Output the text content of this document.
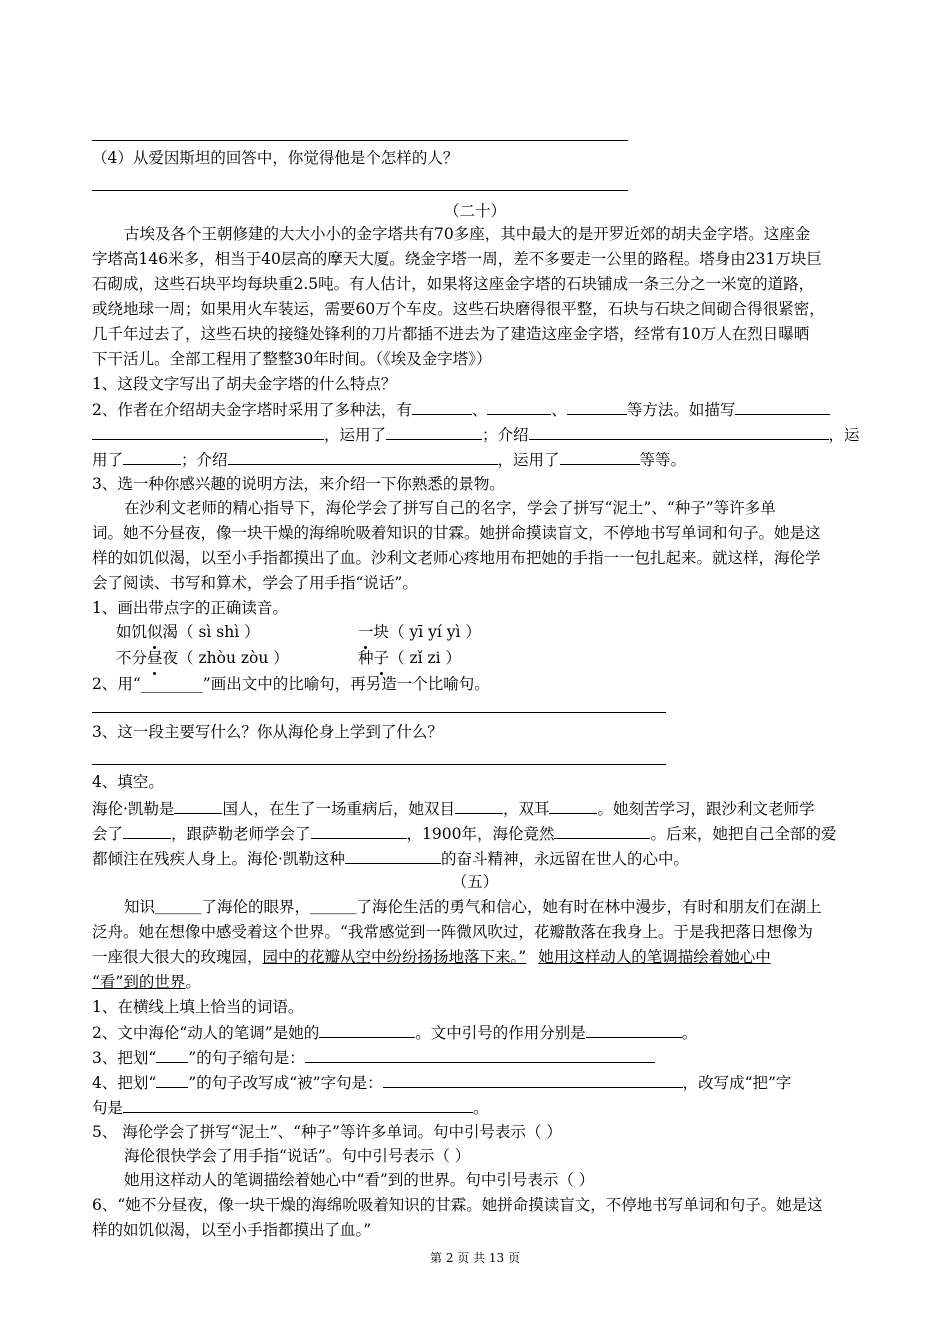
（4）从爱因斯坦的回答中，你觉得他是个怎样的人？
（二十）
古埃及各个王朝修建的大大小小的金字塔共有70多座，其中最大的是开罗近郊的胡夫金字塔。这座金
字塔高146米多，相当于40层高的摩天大厦。绕金字塔一周，差不多要走一公里的路程。塔身由231万块巨
石砌成，这些石块平均每块重2.5吨。有人估计，如果将这座金字塔的石块铺成一条三分之一米宽的道路，
或绕地球一周；如果用火车装运，需要60万个车皮。这些石块磨得很平整，石块与石块之间砌合得很紧密，
几千年过去了，这些石块的接缝处锋利的刀片都插不进去为了建造这座金字塔，经常有10万人在烈日曝晒
下干活儿。全部工程用了整整30年时间。（《埃及金字塔》）
1、这段文字写出了胡夫金字塔的什么特点？
2、作者在介绍胡夫金字塔时采用了多种法，有	、	、	等方法。如描写
，运用了	；介绍	，运
用了	；介绍	，运用了	等等。
3、选一种你感兴趣的说明方法，来介绍一下你熟悉的景物。
在沙利文老师的精心指导下，海伦学会了拼写自己的名字，学会了拼写“泥土”、“种子”等许多单
词。她不分昼夜，像一块干燥的海绵吮吸着知识的甘霖。她拼命摸读盲文，不停地书写单词和句子。她是这
样的如饥似渴，以至小手指都摸出了血。沙利文老师心疼地用布把她的手指一一包扎起来。就这样，海伦学
会了阅读、书写和算术，学会了用手指“说话”。
1、画出带点字的正确读音。
如饥似渴（ sì shì ）	一块（ yī yí yì ）
不分昼夜（ zhòu zòu ）	种子（ zǐ zi ）
2、用“________”画出文中的比喻句，再另造一个比喻句。
3、这一段主要写什么？你从海伦身上学到了什么？
4、填空。
海伦·凯勒是	国人，在生了一场重病后，她双目	，双耳	。她刻苦学习，跟沙利文老师学
会了	，跟萨勒老师学会了	，1900年，海伦竟然	。后来，她把自己全部的爱
都倾注在残疾人身上。海伦·凯勒这种	的奋斗精神，永远留在世人的心中。
（五）
知识＿＿＿了海伦的眼界，＿＿＿了海伦生活的勇气和信心，她有时在林中漫步，有时和朋友们在湖上
泛舟。她在想像中感受着这个世界。“我常感觉到一阵微风吹过，花瓣散落在我身上。于是我把落日想像为
一座很大很大的玫瑰园，园中的花瓣从空中纷纷扬扬地落下来。” 她用这样动人的笔调描绘着她心中
“看”到的世界。
1、在横线上填上恰当的词语。
2、文中海伦“动人的笔调”是她的	。文中引号的作用分别是	。
3、把划“ ”的句子缩句是：
4、把划“ ”的句子改写成“被”字句是：	，改写成“把”字
句是	。
5、 海伦学会了拼写“泥土”、“种子”等许多单词。句中引号表示（ ）
海伦很快学会了用手指“说话”。句中引号表示（ ）
她用这样动人的笔调描绘着她心中“看”到的世界。句中引号表示（ ）
6、“她不分昼夜，像一块干燥的海绵吮吸着知识的甘霖。她拼命摸读盲文，不停地书写单词和句子。她是这
样的如饥似渴，以至小手指都摸出了血。”
第 2 页 共 13 页
